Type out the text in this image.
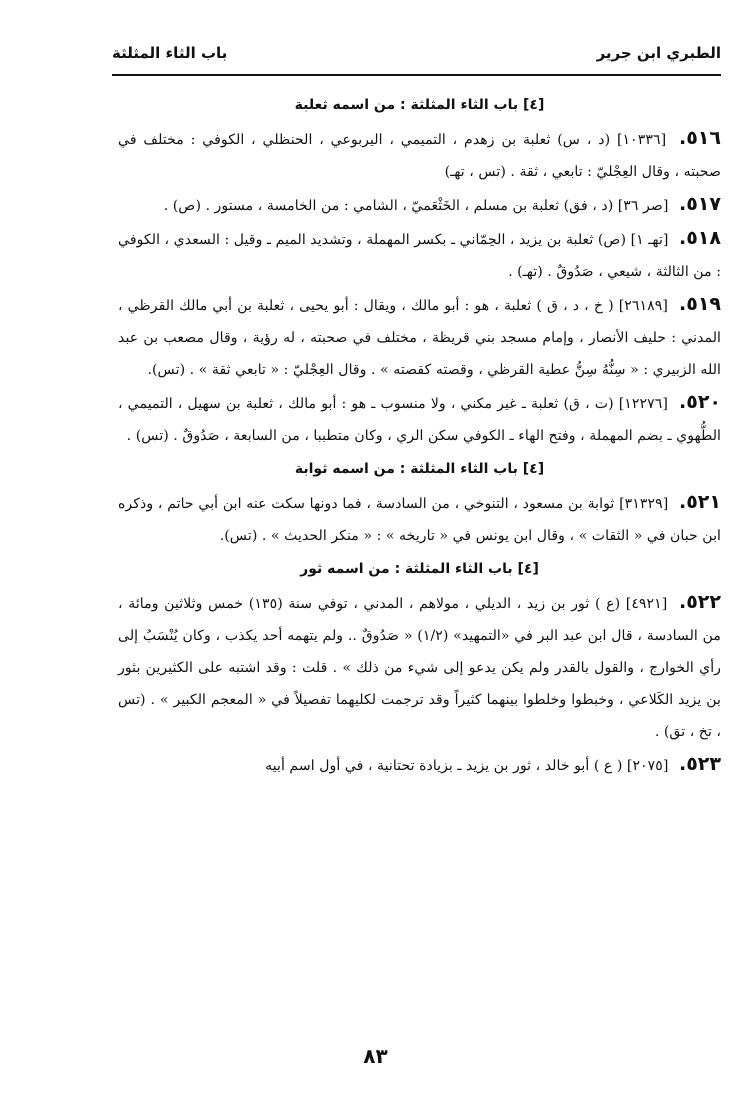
الطبري ابن جرير
باب الثاء المثلثة
[٤] باب الثاء المثلثة : من اسمه ثعلبة

٥١٦. [١٠٣٣٦] (د ، س) ثعلبة بن زهدم ، التميمي ، اليربوعي ، الحنظلي ، الكوفي : مختلف في صحبته ، وقال العِجْليّ : تابعي ، ثقة . (تس ، تهـ)

٥١٧. [صر ٣٦] (د ، فق) ثعلبة بن مسلم ، الخَثْعَميّ ، الشامي : من الخامسة ، مستور . (ص) .

٥١٨. [تهـ ١] (ص) ثعلبة بن يزيد ، الحِمّاني ـ بكسر المهملة ، وتشديد الميم ـ وقيل : السعدي ، الكوفي : من الثالثة ، شيعي ، صَدُوقٌ . (تهـ) .

٥١٩. [٢٦١٨٩] ( خ ، د ، ق ) ثعلبة ، هو : أبو مالك ، ويقال : أبو يحيى ، ثعلبة بن أبي مالك القرظي ، المدني : حليف الأنصار ، وإمام مسجد بني قريظة ، مختلف في صحبته ، له رؤية ، وقال مصعب بن عبد الله الزبيري : « سِنُّهُ سِنُّ عطية القرظي ، وقصته كقصته » . وقال العِجْليّ : « تابعي ثقة » . (تس).

٥٢٠. [١٢٢٧٦] (ت ، ق) ثعلبة ـ غير مكني ، ولا منسوب ـ هو : أبو مالك ، ثعلبة بن سهيل ، التميمي ، الطُّهوي ـ بضم المهملة ، وفتح الهاء ـ الكوفي سكن الري ، وكان متطببا ، من السابعة ، صَدُوقٌ . (تس) .

[٤] باب الثاء المثلثة : من اسمه ثوابة

٥٢١. [٣١٣٢٩] ثوابة بن مسعود ، التنوخي ، من السادسة ، فما دونها سكت عنه ابن أبي حاتم ، وذكره ابن حبان في « الثقات » ، وقال ابن يونس في « تاريخه » : « منكر الحديث » . (تس).

[٤] باب الثاء المثلثة : من اسمه ثور

٥٢٢. [٤٩٢١] (ع ) ثور بن زيد ، الديلي ، مولاهم ، المدني ، توفي سنة (١٣٥) خمس وثلاثين ومائة ، من السادسة ، قال ابن عبد البر في «التمهيد» (١/٢) « صَدُوقٌ .. ولم يتهمه أحد يكذب ، وكان يُنْسَبُ إلى رأي الخوارج ، والقول بالقدر ولم يكن يدعو إلى شيء من ذلك » . قلت : وقد اشتبه على الكثيرين بثور بن يزيد الكَلاعي ، وخبطوا وخلطوا بينهما كثيراً وقد ترجمت لكليهما تفصيلاً في « المعجم الكبير » . (تس ، تخ ، تق) .

٥٢٣. [٢٠٧٥] ( ع ) أبو خالد ، ثور بن يزيد ـ بزيادة تحتانية ، في أول اسم أبيه

٨٣
